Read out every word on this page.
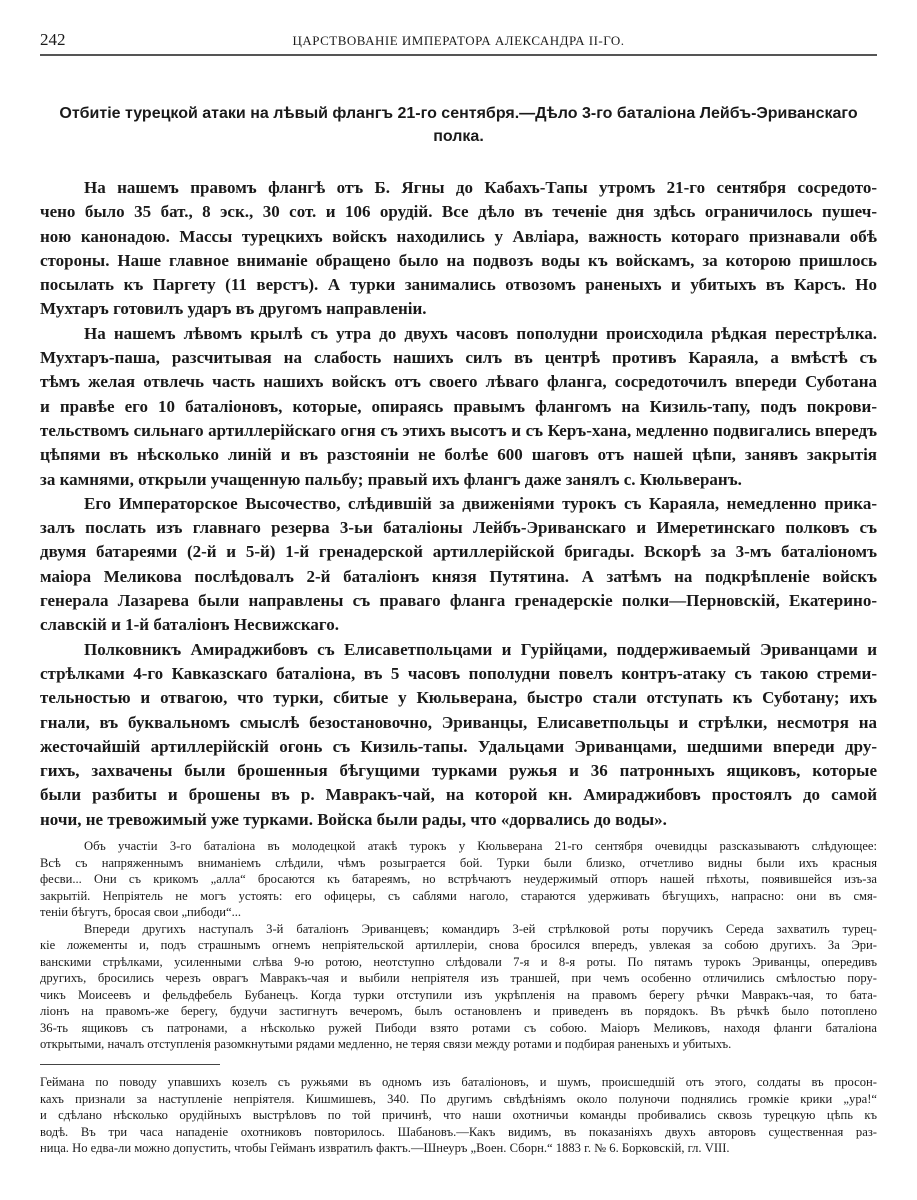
242	ЦАРСТВОВАНІЕ ИМПЕРАТОРА АЛЕКСАНДРА II-ГО.
Отбитіе турецкой атаки на лѣвый флангъ 21-го сентября.—Дѣло 3-го баталіона Лейбъ-Эриванскаго
полка.
На нашемъ правомъ флангѣ отъ Б. Ягны до Кабахъ-Тапы утромъ 21-го сентября сосредото-
чено было 35 бат., 8 эск., 30 сот. и 106 орудій. Все дѣло въ теченіе дня здѣсь ограничилось пушеч-
ною канонадою. Массы турецкихъ войскъ находились у Авліара, важность котораго признавали обѣ
стороны. Наше главное вниманіе обращено было на подвозъ воды къ войскамъ, за которою пришлось
посылать къ Паргету (11 верстъ). А турки занимались отвозомъ раненыхъ и убитыхъ въ Карсъ. Но
Мухтаръ готовилъ ударъ въ другомъ направленіи.
На нашемъ лѣвомъ крылѣ съ утра до двухъ часовъ пополудни происходила рѣдкая перестрѣлка.
Мухтаръ-паша, разсчитывая на слабость нашихъ силъ въ центрѣ противъ Караяла, а вмѣстѣ съ
тѣмъ желая отвлечь часть нашихъ войскъ отъ своего лѣваго фланга, сосредоточилъ впереди Суботана
и правѣе его 10 баталіоновъ, которые, опираясь правымъ флангомъ на Кизиль-тапу, подъ покрови-
тельствомъ сильнаго артиллерійскаго огня съ этихъ высотъ и съ Керъ-хана, медленно подвигались впередъ
цѣпями въ нѣсколько линій и въ разстояніи не болѣе 600 шаговъ отъ нашей цѣпи, занявъ закрытія
за камнями, открыли учащенную пальбу; правый ихъ флангъ даже занялъ с. Кюльверанъ.
Его Императорское Высочество, слѣдившій за движеніями турокъ съ Караяла, немедленно прика-
залъ послать изъ главнаго резерва 3-ьи баталіоны Лейбъ-Эриванскаго и Имеретинскаго полковъ съ
двумя батареями (2-й и 5-й) 1-й гренадерской артиллерійской бригады. Вскорѣ за 3-мъ баталіономъ
маіора Меликова послѣдовалъ 2-й баталіонъ князя Путятина. А затѣмъ на подкрѣпленіе войскъ
генерала Лазарева были направлены съ праваго фланга гренадерскіе полки—Перновскій, Екатерино-
славскій и 1-й баталіонъ Несвижскаго.
Полковникъ Амираджибовъ съ Елисаветпольцами и Гурійцами, поддерживаемый Эриванцами и
стрѣлками 4-го Кавказскаго баталіона, въ 5 часовъ пополудни повелъ контръ-атаку съ такою стреми-
тельностью и отвагою, что турки, сбитые у Кюльверана, быстро стали отступать къ Суботану; ихъ
гнали, въ буквальномъ смыслѣ безостановочно, Эриванцы, Елисаветпольцы и стрѣлки, несмотря на
жесточайшій артиллерійскій огонь съ Кизиль-тапы. Удальцами Эриванцами, шедшими впереди дру-
гихъ, захвачены были брошенныя бѣгущими турками ружья и 36 патронныхъ ящиковъ, которые
были разбиты и брошены въ р. Мавракъ-чай, на которой кн. Амираджибовъ простоялъ до самой
ночи, не тревожимый уже турками. Войска были рады, что «дорвались до воды».
Объ участіи 3-го баталіона въ молодецкой атакѣ турокъ у Кюльверана 21-го сентября очевидцы разсказываютъ слѣдующее:
Всѣ съ напряженнымъ вниманіемъ слѣдили, чѣмъ розыграется бой. Турки были близко, отчетливо видны были ихъ красныя
фесви... Они съ крикомъ „алла“ бросаются къ батареямъ, но встрѣчаютъ неудержимый отпоръ нашей пѣхоты, появившейся изъ-за
закрытій. Непріятель не могъ устоять: его офицеры, съ саблями наголо, стараются удерживать бѣгущихъ, напрасно: они въ смя-
теніи бѣгутъ, бросая свои „пибоди“...
Впереди другихъ наступалъ 3-й баталіонъ Эриванцевъ; командиръ 3-ей стрѣлковой роты поручикъ Середа захватилъ турец-
кіе ложементы и, подъ страшнымъ огнемъ непріятельской артиллеріи, снова бросился впередъ, увлекая за собою другихъ. За Эри-
ванскими стрѣлками, усиленными слѣва 9-ю ротою, неотступно слѣдовали 7-я и 8-я роты. По пятамъ турокъ Эриванцы, опередивъ
другихъ, бросились черезъ оврагъ Мавракъ-чая и выбили непріятеля изъ траншей, при чемъ особенно отличились смѣлостью пору-
чикъ Моисеевъ и фельдфебель Бубанецъ. Когда турки отступили изъ укрѣпленія на правомъ берегу рѣчки Мавракъ-чая, то бата-
ліонъ на правомъ-же берегу, будучи застигнутъ вечеромъ, былъ остановленъ и приведенъ въ порядокъ. Въ рѣчкѣ было потоплено
36-ть ящиковъ съ патронами, а нѣсколько ружей Пибоди взято ротами съ собою. Маіоръ Меликовъ, находя фланги баталіона
открытыми, началъ отступленія разомкнутыми рядами медленно, не теряя связи между ротами и подбирая раненыхъ и убитыхъ.
Геймана по поводу упавшихъ козелъ съ ружьями въ одномъ изъ баталіоновъ, и шумъ, происшедшій отъ этого, солдаты въ просон-
кахъ признали за наступленіе непріятеля. Кишмишевъ, 340. По другимъ свѣдѣніямъ около полуночи поднялись громкіе крики „ура!“
и сдѣлано нѣсколько орудійныхъ выстрѣловъ по той причинѣ, что наши охотничьи команды пробивались сквозь турецкую цѣпь къ
водѣ. Въ три часа нападеніе охотниковъ повторилось. Шабановъ.—Какъ видимъ, въ показаніяхъ двухъ авторовъ существенная раз-
ница. Но едва-ли можно допустить, чтобы Гейманъ извратилъ фактъ.—Шнеуръ „Воен. Сборн.“ 1883 г. № 6. Борковскій, гл. VIII.
